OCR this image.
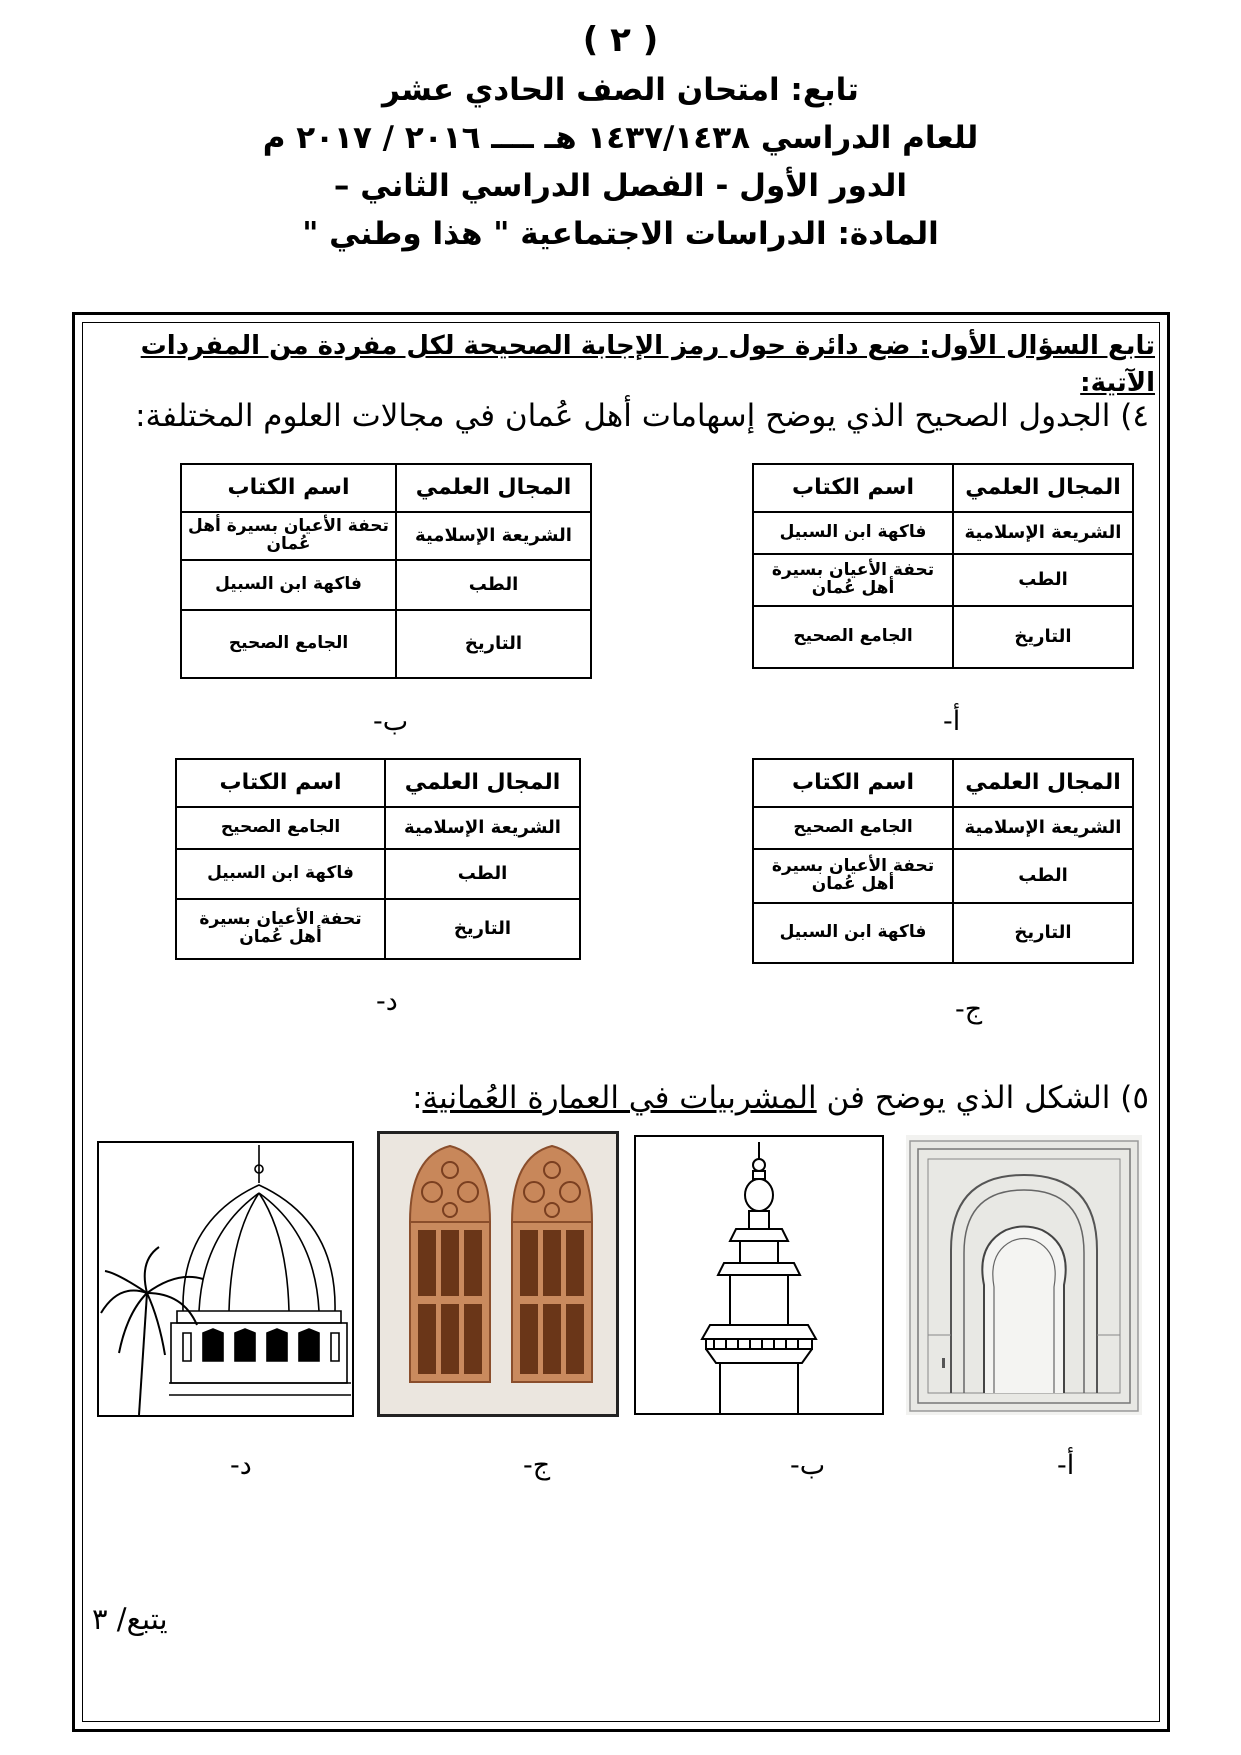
( ٢ )
تابع: امتحان الصف الحادي عشر
للعام الدراسي ١٤٣٧/١٤٣٨ هـ ــــ ٢٠١٦ / ٢٠١٧ م
الدور الأول - الفصل الدراسي الثاني –
المادة: الدراسات الاجتماعية " هذا وطني "
تابع السؤال الأول: ضع دائرة حول رمز الإجابة الصحيحة لكل مفردة من المفردات الآتية:
٤) الجدول الصحيح الذي يوضح إسهامات أهل عُمان في مجالات العلوم المختلفة:
المجال العلمي	اسم الكتاب
الشريعة الإسلامية	فاكهة ابن السبيل
الطب	تحفة الأعيان بسيرة أهل عُمان
التاريخ	الجامع الصحيح
المجال العلمي	اسم الكتاب
الشريعة الإسلامية	تحفة الأعيان بسيرة أهل عُمان
الطب	فاكهة ابن السبيل
التاريخ	الجامع الصحيح
أ-
ب-
المجال العلمي	اسم الكتاب
الشريعة الإسلامية	الجامع الصحيح
الطب	تحفة الأعيان بسيرة أهل عُمان
التاريخ	فاكهة ابن السبيل
المجال العلمي	اسم الكتاب
الشريعة الإسلامية	الجامع الصحيح
الطب	فاكهة ابن السبيل
التاريخ	تحفة الأعيان بسيرة أهل عُمان
ج-
د-
٥) الشكل الذي يوضح فن المشربيات في العمارة العُمانية:
أ-
ب-
ج-
د-
يتبع/ ٣
